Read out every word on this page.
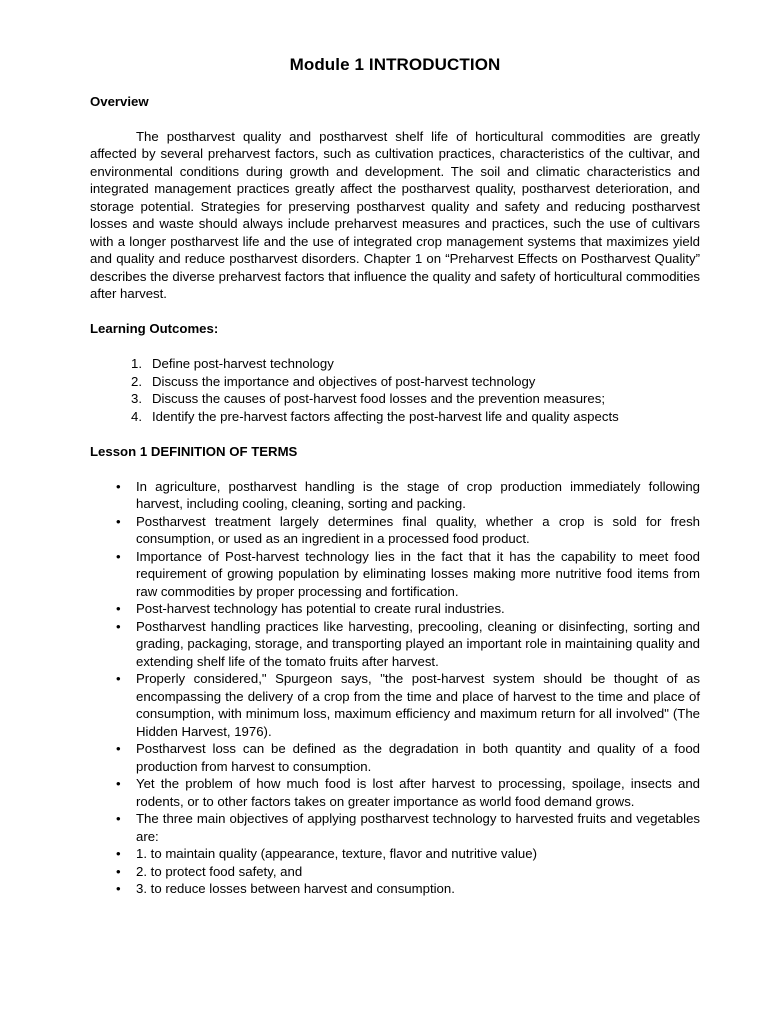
Module 1 INTRODUCTION
Overview

The postharvest quality and postharvest shelf life of horticultural commodities are greatly affected by several preharvest factors, such as cultivation practices, characteristics of the cultivar, and environmental conditions during growth and development. The soil and climatic characteristics and integrated management practices greatly affect the postharvest quality, postharvest deterioration, and storage potential. Strategies for preserving postharvest quality and safety and reducing postharvest losses and waste should always include preharvest measures and practices, such the use of cultivars with a longer postharvest life and the use of integrated crop management systems that maximizes yield and quality and reduce postharvest disorders. Chapter 1 on “Preharvest Effects on Postharvest Quality” describes the diverse preharvest factors that influence the quality and safety of horticultural commodities after harvest.

Learning Outcomes:
1. Define post-harvest technology
2. Discuss the importance and objectives of post-harvest technology
3. Discuss the causes of post-harvest food losses and the prevention measures;
4. Identify the pre-harvest factors affecting the post-harvest life and quality aspects
Lesson 1 DEFINITION OF TERMS
• In agriculture, postharvest handling is the stage of crop production immediately following harvest, including cooling, cleaning, sorting and packing.
• Postharvest treatment largely determines final quality, whether a crop is sold for fresh consumption, or used as an ingredient in a processed food product.
• Importance of Post-harvest technology lies in the fact that it has the capability to meet food requirement of growing population by eliminating losses making more nutritive food items from raw commodities by proper processing and fortification.
• Post-harvest technology has potential to create rural industries.
• Postharvest handling practices like harvesting, precooling, cleaning or disinfecting, sorting and grading, packaging, storage, and transporting played an important role in maintaining quality and extending shelf life of the tomato fruits after harvest.
• Properly considered," Spurgeon says, "the post-harvest system should be thought of as encompassing the delivery of a crop from the time and place of harvest to the time and place of consumption, with minimum loss, maximum efficiency and maximum return for all involved" (The Hidden Harvest, 1976).
• Postharvest loss can be defined as the degradation in both quantity and quality of a food production from harvest to consumption.
• Yet the problem of how much food is lost after harvest to processing, spoilage, insects and rodents, or to other factors takes on greater importance as world food demand grows.
• The three main objectives of applying postharvest technology to harvested fruits and vegetables are:
• 1. to maintain quality (appearance, texture, flavor and nutritive value)
• 2. to protect food safety, and
• 3. to reduce losses between harvest and consumption.
